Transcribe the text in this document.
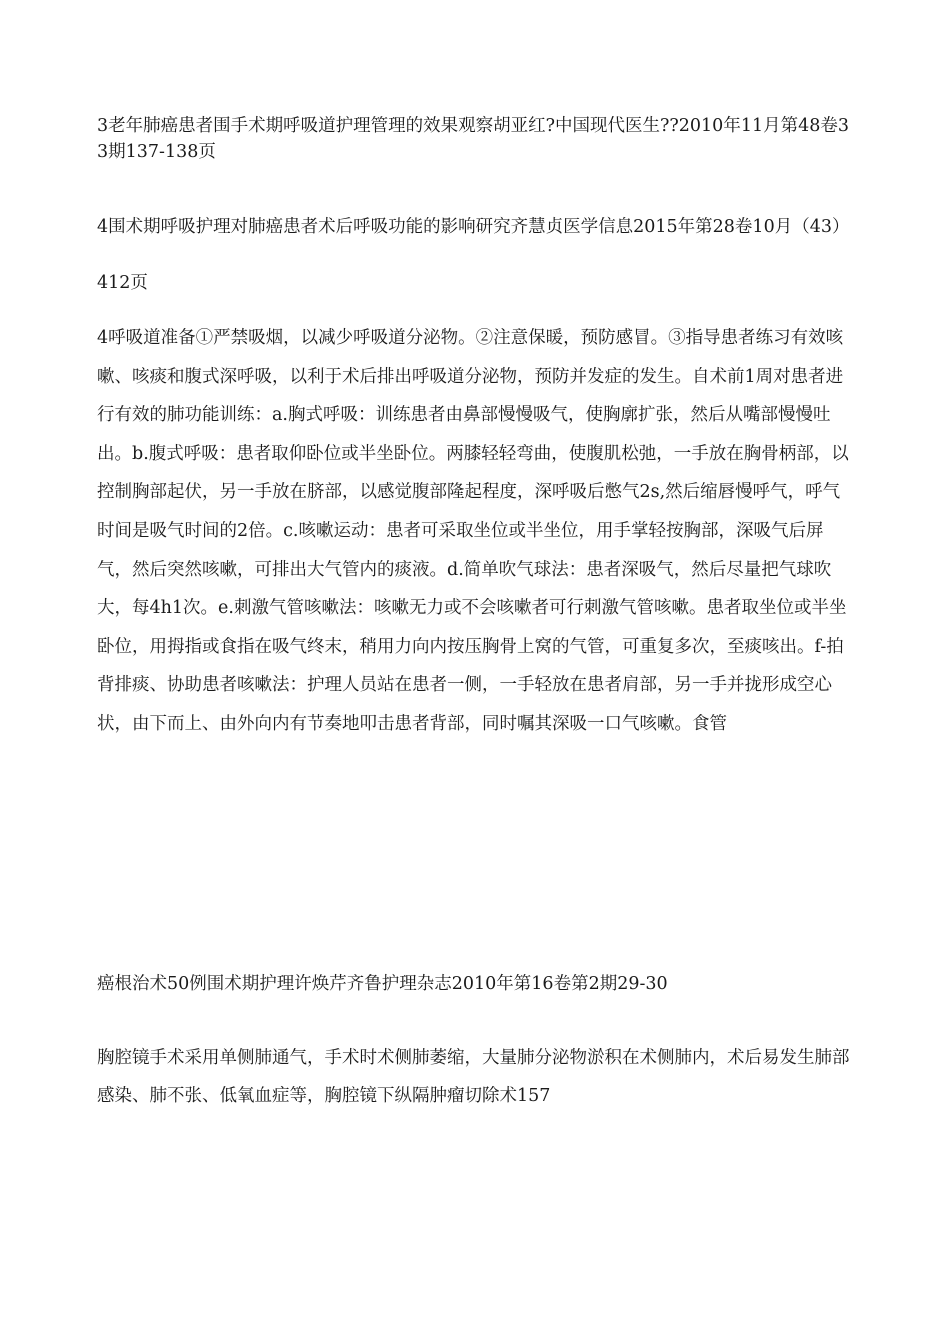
3老年肺癌患者围手术期呼吸道护理管理的效果观察胡亚红?中国现代医生??2010年11月第48卷33期137-138页

4围术期呼吸护理对肺癌患者术后呼吸功能的影响研究齐慧贞医学信息2015年第28卷10月（43）412页

4呼吸道准备①严禁吸烟，以减少呼吸道分泌物。②注意保暖，预防感冒。③指导患者练习有效咳嗽、咳痰和腹式深呼吸，以利于术后排出呼吸道分泌物，预防并发症的发生。自术前1周对患者进行有效的肺功能训练：a.胸式呼吸：训练患者由鼻部慢慢吸气，使胸廓扩张，然后从嘴部慢慢吐出。b.腹式呼吸：患者取仰卧位或半坐卧位。两膝轻轻弯曲，使腹肌松弛，一手放在胸骨柄部，以控制胸部起伏，另一手放在脐部，以感觉腹部隆起程度，深呼吸后憋气2s,然后缩唇慢呼气，呼气时间是吸气时间的2倍。c.咳嗽运动：患者可采取坐位或半坐位，用手掌轻按胸部，深吸气后屏气，然后突然咳嗽，可排出大气管内的痰液。d.简单吹气球法：患者深吸气，然后尽量把气球吹大，每4h1次。e.刺激气管咳嗽法：咳嗽无力或不会咳嗽者可行刺激气管咳嗽。患者取坐位或半坐卧位，用拇指或食指在吸气终末，稍用力向内按压胸骨上窝的气管，可重复多次，至痰咳出。f-拍背排痰、协助患者咳嗽法：护理人员站在患者一侧，一手轻放在患者肩部，另一手并拢形成空心状，由下而上、由外向内有节奏地叩击患者背部，同时嘱其深吸一口气咳嗽。食管

癌根治术50例围术期护理许焕芹齐鲁护理杂志2010年第16卷第2期29-30

胸腔镜手术采用单侧肺通气，手术时术侧肺萎缩，大量肺分泌物淤积在术侧肺内，术后易发生肺部感染、肺不张、低氧血症等，胸腔镜下纵隔肿瘤切除术157
